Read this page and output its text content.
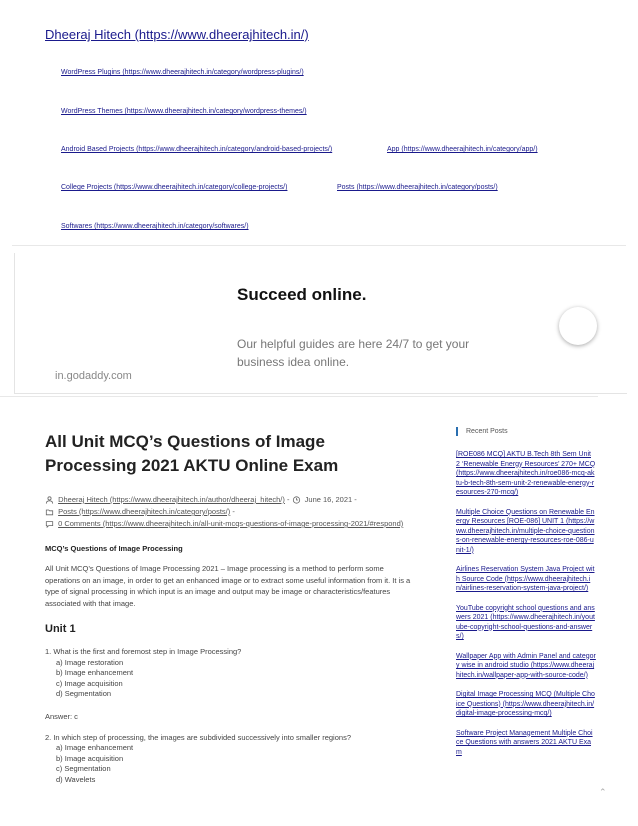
Dheeraj Hitech (https://www.dheerajhitech.in/)
WordPress Plugins (https://www.dheerajhitech.in/category/wordpress-plugins/)
WordPress Themes (https://www.dheerajhitech.in/category/wordpress-themes/)
Android Based Projects (https://www.dheerajhitech.in/category/android-based-projects/)	App (https://www.dheerajhitech.in/category/app/)
College Projects (https://www.dheerajhitech.in/category/college-projects/)	Posts (https://www.dheerajhitech.in/category/posts/)
Softwares (https://www.dheerajhitech.in/category/softwares/)
Succeed online.
Our helpful guides are here 24/7 to get your business idea online.
in.godaddy.com
All Unit MCQ’s Questions of Image Processing 2021 AKTU Online Exam
Dheeraj Hitech (https://www.dheerajhitech.in/author/dheeraj_hitech/) -  June 16, 2021 -
Posts (https://www.dheerajhitech.in/category/posts/) -
0 Comments (https://www.dheerajhitech.in/all-unit-mcqs-questions-of-image-processing-2021/#respond)
MCQ’s Questions of Image Processing
All Unit MCQ’s Questions of Image Processing 2021 – Image processing is a method to perform some operations on an image, in order to get an enhanced image or to extract some useful information from it. It is a type of signal processing in which input is an image and output may be image or characteristics/features associated with that image.
Unit 1
1. What is the first and foremost step in Image Processing?
a) Image restoration
b) Image enhancement
c) Image acquisition
d) Segmentation
Answer: c
2. In which step of processing, the images are subdivided successively into smaller regions?
a) Image enhancement
b) Image acquisition
c) Segmentation
d) Wavelets
Recent Posts
[ROE086 MCQ] AKTU B.Tech 8th Sem Unit 2 ‘Renewable Energy Resources’ 270+ MCQ (https://www.dheerajhitech.in/roe086-mcq-aktu-b-tech-8th-sem-unit-2-renewable-energy-resources-270-mcq/)
Multiple Choice Questions on Renewable Energy Resources [ROE-086] UNIT 1 (https://www.dheerajhitech.in/multiple-choice-questions-on-renewable-energy-resources-roe-086-unit-1/)
Airlines Reservation System Java Project with Source Code (https://www.dheerajhitech.in/airlines-reservation-system-java-project/)
YouTube copyright school questions and answers 2021 (https://www.dheerajhitech.in/youtube-copyright-school-questions-and-answers/)
Wallpaper App with Admin Panel and category wise in android studio (https://www.dheerajhitech.in/wallpaper-app-with-source-code/)
Digital Image Processing MCQ (Multiple Choice Questions) (https://www.dheerajhitech.in/digital-image-processing-mcq/)
Software Project Management Multiple Choice Questions with answers 2021 AKTU Exam
⌃
